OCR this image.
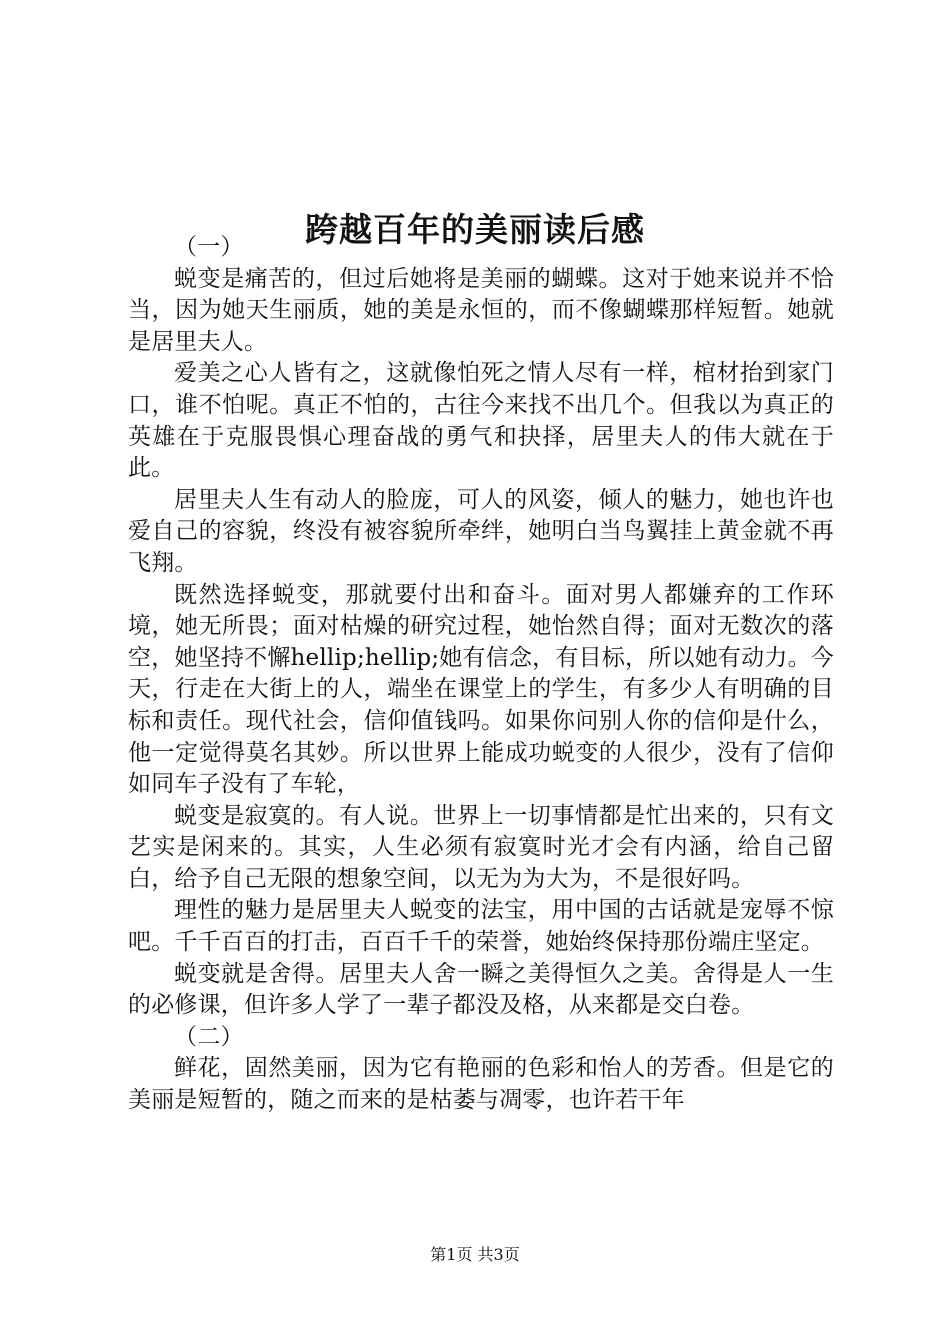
跨越百年的美丽读后感

（一）

蜕变是痛苦的，但过后她将是美丽的蝴蝶。这对于她来说并不恰当，因为她天生丽质，她的美是永恒的，而不像蝴蝶那样短暂。她就是居里夫人。

爱美之心人皆有之，这就像怕死之情人尽有一样，棺材抬到家门口，谁不怕呢。真正不怕的，古往今来找不出几个。但我以为真正的英雄在于克服畏惧心理奋战的勇气和抉择，居里夫人的伟大就在于此。

居里夫人生有动人的脸庞，可人的风姿，倾人的魅力，她也许也爱自己的容貌，终没有被容貌所牵绊，她明白当鸟翼挂上黄金就不再飞翔。

既然选择蜕变，那就要付出和奋斗。面对男人都嫌弃的工作环境，她无所畏；面对枯燥的研究过程，她怡然自得；面对无数次的落空，她坚持不懈hellip;hellip;她有信念，有目标，所以她有动力。今天，行走在大街上的人，端坐在课堂上的学生，有多少人有明确的目标和责任。现代社会，信仰值钱吗。如果你问别人你的信仰是什么，他一定觉得莫名其妙。所以世界上能成功蜕变的人很少，没有了信仰如同车子没有了车轮，

蜕变是寂寞的。有人说。世界上一切事情都是忙出来的，只有文艺实是闲来的。其实，人生必须有寂寞时光才会有内涵，给自己留白，给予自己无限的想象空间，以无为为大为，不是很好吗。

理性的魅力是居里夫人蜕变的法宝，用中国的古话就是宠辱不惊吧。千千百百的打击，百百千千的荣誉，她始终保持那份端庄坚定。

蜕变就是舍得。居里夫人舍一瞬之美得恒久之美。舍得是人一生的必修课，但许多人学了一辈子都没及格，从来都是交白卷。

（二）

鲜花，固然美丽，因为它有艳丽的色彩和怡人的芳香。但是它的美丽是短暂的，随之而来的是枯萎与凋零，也许若干年

第1页 共3页
